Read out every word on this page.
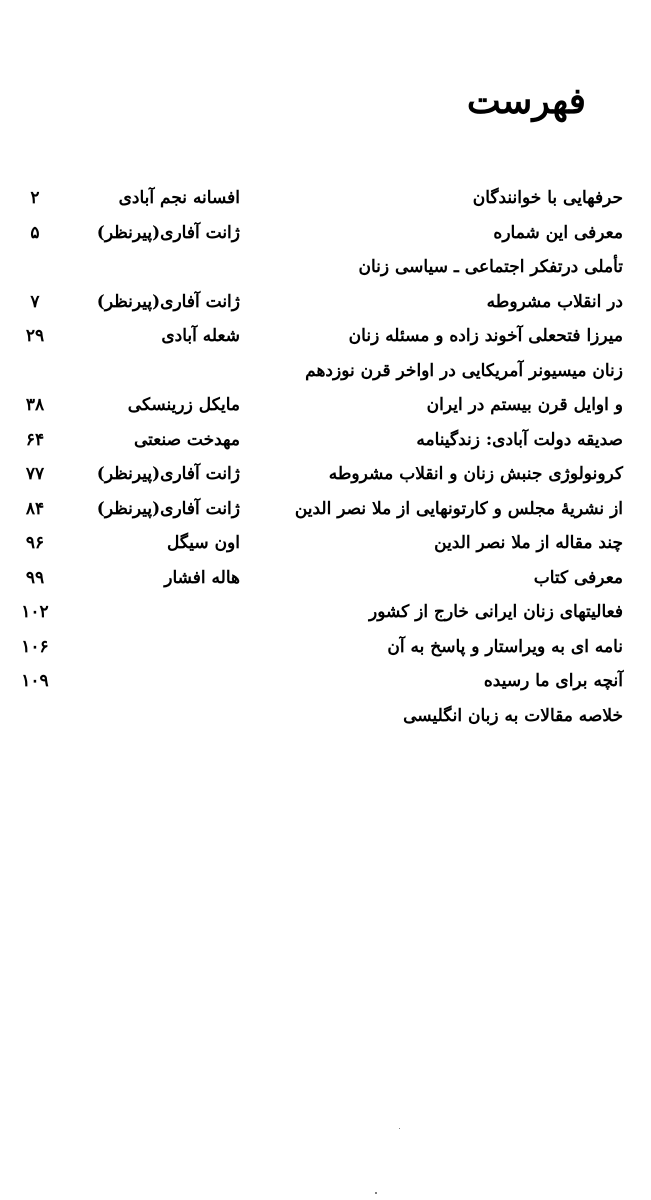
فهرست
حرفهایی با خوانندگان
افسانه نجم آبادی
۲
معرفی این شماره
ژانت آفاری(پیرنظر)
۵
تأملی درتفکر اجتماعی ـ سیاسی زنان
در انقلاب مشروطه
ژانت آفاری(پیرنظر)
۷
میرزا فتحعلی آخوند زاده و مسئله زنان
شعله آبادی
۲۹
زنان میسیونر آمریکایی در اواخر قرن نوزدهم
و اوایل قرن بیستم در ایران
مایکل زرینسکی
۳۸
صدیقه دولت آبادی: زندگینامه
مهدخت صنعتی
۶۴
کرونولوژی جنبش زنان و انقلاب مشروطه
ژانت آفاری(پیرنظر)
۷۷
از نشریهٔ مجلس و کارتونهایی از ملا نصر الدین
ژانت آفاری(پیرنظر)
۸۴
چند مقاله از ملا نصر الدین
اون سیگل
۹۶
معرفی کتاب
هاله افشار
۹۹
فعالیتهای زنان ایرانی خارج از کشور
۱۰۲
نامه ای به ویراستار و پاسخ به آن
۱۰۶
آنچه برای ما رسیده
۱۰۹
خلاصه مقالات به زبان انگلیسی
